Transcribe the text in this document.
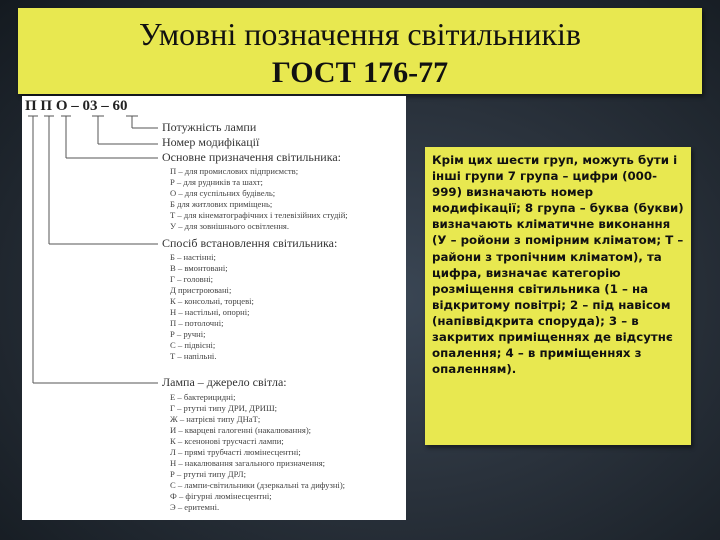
Умовні позначення світильників
ГОСТ 176-77
П П О – 03 – 60
Потужність лампи
Номер модифікації
Основне призначення світильника:
П – для промислових підприємств;
Р – для рудників та шахт;
О – для суспільних будівель;
Б для житлових приміщень;
Т – для кінематографічних і телевізійних студій;
У – для зовнішнього освітлення.
Спосіб встановлення світильника:
Б – настінні;
В – вмонтовані;
Г – головні;
Д пристроювані;
К – консольні, торцеві;
Н – настільні, опорні;
П – потолочні;
Р – ручні;
С – підвісні;
Т – напільні.
Лампа – джерело світла:
Е – бактерицидні;
Г – ртутні типу ДРИ, ДРИШ;
Ж – натрієві типу ДНаТ;
И – кварцеві галогенні (накалювання);
К – ксенонові трусчасті лампи;
Л – прямі трубчасті люмінесцентні;
Н – накалювання загального призначення;
Р – ртутні типу ДРЛ;
С – лампи-світильники (дзеркальні та дифузні);
Ф – фігурні люмінесцентні;
Э – еритемні.
Крім цих шести груп, можуть бути і інші групи 7 група – цифри (000-999) визначають номер модифікації; 8 група – буква (букви) визначають кліматичне виконання (У – ройони з помірним кліматом; Т – райони з тропічним кліматом), та цифра, визначає категорію розміщення світильника (1 – на відкритому повітрі; 2 – під навісом (напіввідкрита споруда); 3 – в закритих приміщеннях де відсутнє опалення; 4 – в приміщеннях з опаленням).
